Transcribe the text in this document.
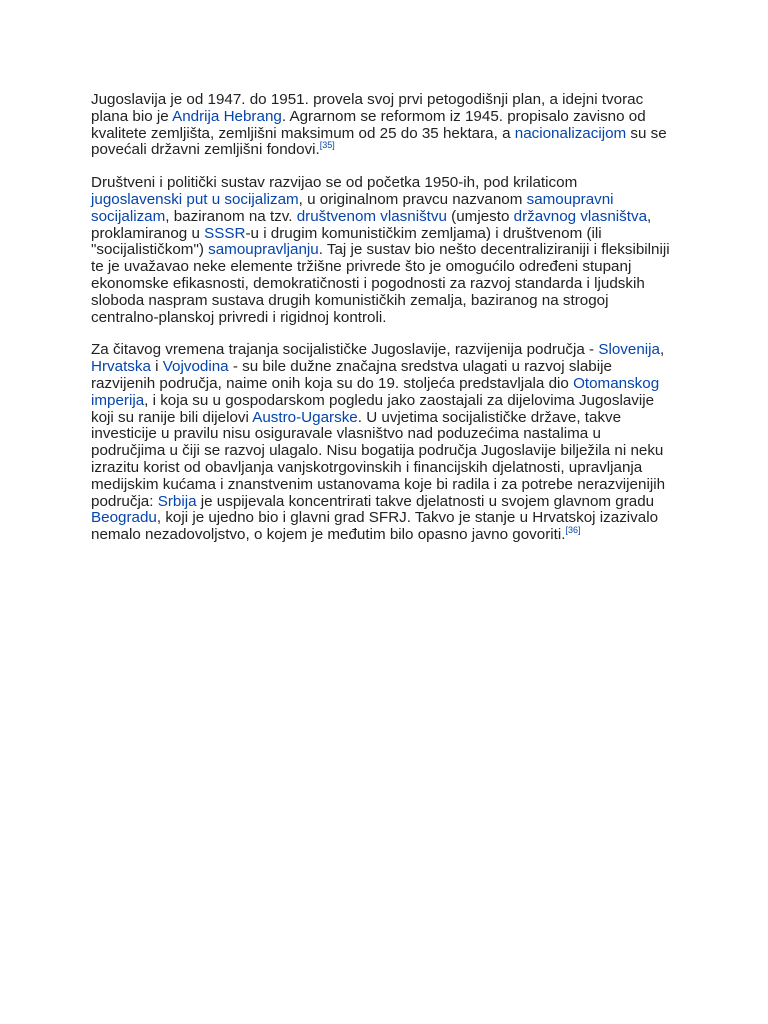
Jugoslavija je od 1947. do 1951. provela svoj prvi petogodišnji plan, a idejni tvorac plana bio je Andrija Hebrang. Agrarnom se reformom iz 1945. propisalo zavisno od kvalitete zemljišta, zemljišni maksimum od 25 do 35 hektara, a nacionalizacijom su se povećali državni zemljišni fondovi.[35]

Društveni i politički sustav razvijao se od početka 1950-ih, pod krilaticom jugoslavenski put u socijalizam, u originalnom pravcu nazvanom samoupravni socijalizam, baziranom na tzv. društvenom vlasništvu (umjesto državnog vlasništva, proklamiranog u SSSR-u i drugim komunističkim zemljama) i društvenom (ili "socijalističkom") samoupravljanju. Taj je sustav bio nešto decentraliziraniji i fleksibilniji te je uvažavao neke elemente tržišne privrede što je omogućilo određeni stupanj ekonomske efikasnosti, demokratičnosti i pogodnosti za razvoj standarda i ljudskih sloboda naspram sustava drugih komunističkih zemalja, baziranog na strogoj centralno-planskoj privredi i rigidnoj kontroli.

Za čitavog vremena trajanja socijalističke Jugoslavije, razvijenija područja - Slovenija, Hrvatska i Vojvodina - su bile dužne značajna sredstva ulagati u razvoj slabije razvijenih područja, naime onih koja su do 19. stoljeća predstavljala dio Otomanskog imperija, i koja su u gospodarskom pogledu jako zaostajali za dijelovima Jugoslavije koji su ranije bili dijelovi Austro-Ugarske. U uvjetima socijalističke države, takve investicije u pravilu nisu osiguravale vlasništvo nad poduzećima nastalima u područjima u čiji se razvoj ulagalo. Nisu bogatija područja Jugoslavije bilježila ni neku izrazitu korist od obavljanja vanjskotrgovinskih i financijskih djelatnosti, upravljanja medijskim kućama i znanstvenim ustanovama koje bi radila i za potrebe nerazvijenijih područja: Srbija je uspijevala koncentrirati takve djelatnosti u svojem glavnom gradu Beogradu, koji je ujedno bio i glavni grad SFRJ. Takvo je stanje u Hrvatskoj izazivalo nemalo nezadovoljstvo, o kojem je međutim bilo opasno javno govoriti.[36]
